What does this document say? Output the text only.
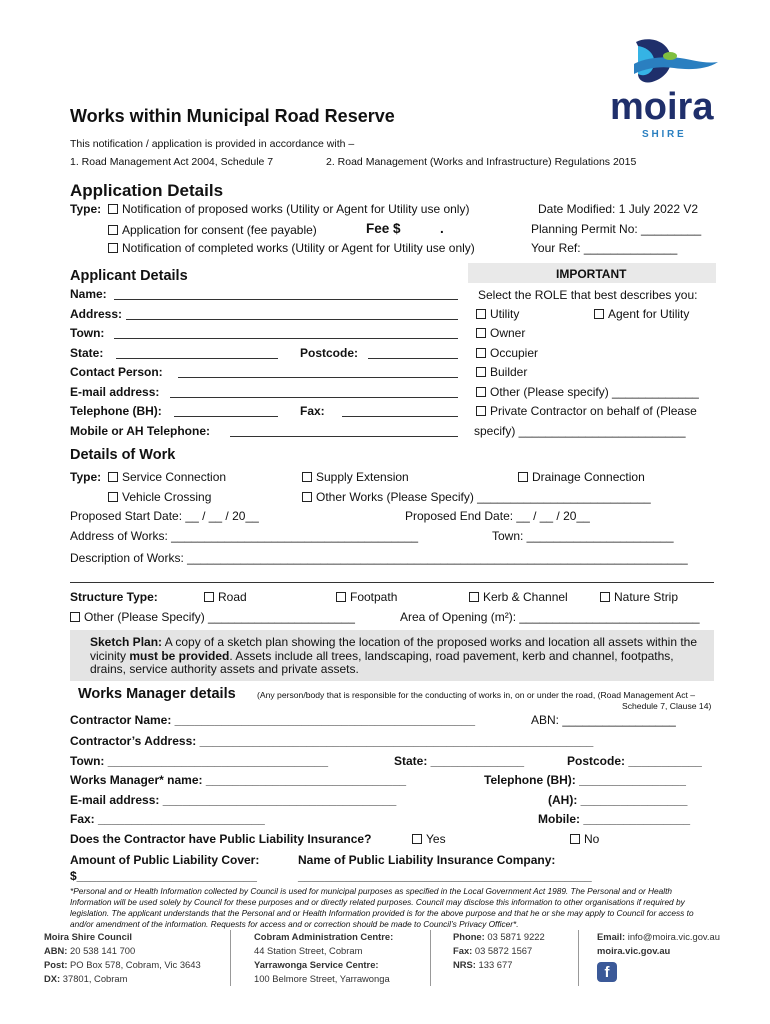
moira
S H I R E
Works within Municipal Road Reserve
This notification / application is provided in accordance with –
1. Road Management Act 2004, Schedule 7	2. Road Management (Works and Infrastructure) Regulations 2015
Application Details
Type:	Notification of proposed works (Utility or Agent for Utility use only)	Date Modified: 1 July 2022 V2
Application for consent (fee payable)	Fee $	.	Planning Permit No: _________
Notification of completed works (Utility or Agent for Utility use only)	Your Ref: ______________
Applicant Details
Name:
Address:
Town:
State:	Postcode:
Contact Person:
E-mail address:
Telephone (BH):	Fax:
Mobile or AH Telephone:
IMPORTANT
Select the ROLE that best describes you:
Utility	Agent for Utility
Owner
Occupier
Builder
Other (Please specify) _____________
Private Contractor on behalf of (Please
specify) _________________________
Details of Work
Type:	Service Connection	Supply Extension	Drainage Connection
Vehicle Crossing	Other Works (Please Specify) __________________________
Proposed Start Date: __ / __ / 20__	Proposed End Date: __ / __ / 20__
Address of Works: _____________________________________	Town: ______________________
Description of Works: ___________________________________________________________________________
Structure Type:	Road	Footpath	Kerb & Channel	Nature Strip
Other (Please Specify) ______________________	Area of Opening (m²): ___________________________

Sketch Plan: A copy of a sketch plan showing the location of the proposed works and location all assets within the vicinity must be provided. Assets include all trees, landscaping, road pavement, kerb and channel, footpaths, drains, service authority assets and private assets.

Works Manager details (Any person/body that is responsible for the conducting of works in, on or under the road, (Road Management Act –
Schedule 7, Clause 14)
Contractor Name: _____________________________________________	ABN: _________________
Contractor’s Address: ___________________________________________________________
Town: _________________________________	State: ______________	Postcode: ___________
Works Manager* name: ______________________________	Telephone (BH): ________________
E-mail address: ___________________________________	(AH): ________________
Fax: _________________________	Mobile: ________________
Does the Contractor have Public Liability Insurance?	Yes	No
Amount of Public Liability Cover:	Name of Public Liability Insurance Company:
$___________________________	____________________________________________
*Personal and or Health Information collected by Council is used for municipal purposes as specified in the Local Government Act 1989. The Personal and or Health Information will be used solely by Council for these purposes and or directly related purposes. Council may disclose this information to other organisations if required by legislation. The applicant understands that the Personal and or Health Information provided is for the above purpose and that he or she may apply to Council for access to and/or amendment of the information. Requests for access and or correction should be made to Council’s Privacy Officer*.
Moira Shire Council
ABN: 20 538 141 700
Post: PO Box 578, Cobram, Vic 3643
DX: 37801, Cobram
Cobram Administration Centre:
44 Station Street, Cobram
Yarrawonga Service Centre:
100 Belmore Street, Yarrawonga
Phone: 03 5871 9222
Fax: 03 5872 1567
NRS: 133 677
Email: info@moira.vic.gov.au
moira.vic.gov.au
f
